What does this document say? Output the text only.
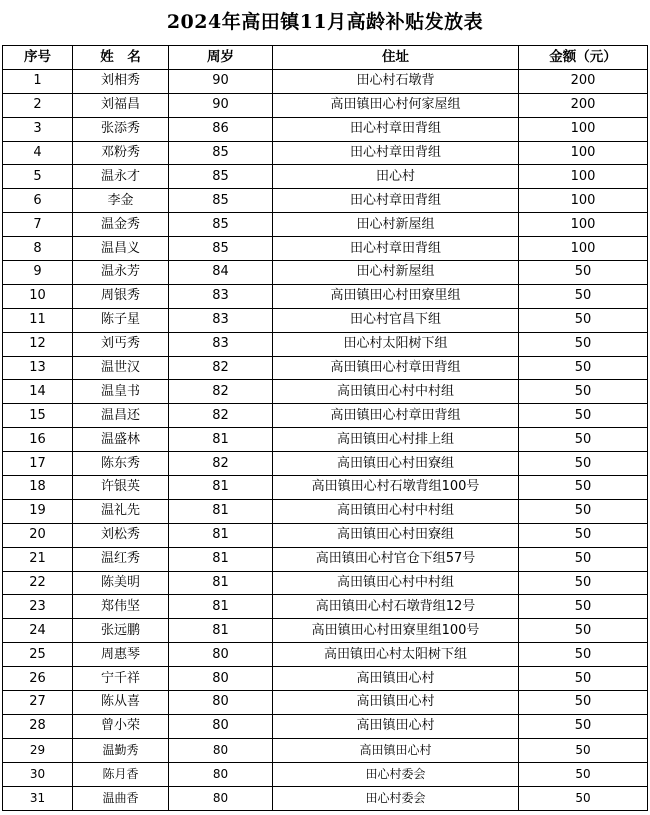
2024年高田镇11月高龄补贴发放表
序号	姓　名	周岁	住址	金额（元）
1	刘相秀	90	田心村石墩背	200
2	刘福昌	90	高田镇田心村何家屋组	200
3	张添秀	86	田心村章田背组	100
4	邓粉秀	85	田心村章田背组	100
5	温永才	85	田心村	100
6	李金	85	田心村章田背组	100
7	温金秀	85	田心村新屋组	100
8	温昌义	85	田心村章田背组	100
9	温永芳	84	田心村新屋组	50
10	周银秀	83	高田镇田心村田寮里组	50
11	陈子星	83	田心村官昌下组	50
12	刘丐秀	83	田心村太阳树下组	50
13	温世汉	82	高田镇田心村章田背组	50
14	温皇书	82	高田镇田心村中村组	50
15	温昌还	82	高田镇田心村章田背组	50
16	温盛林	81	高田镇田心村排上组	50
17	陈东秀	82	高田镇田心村田寮组	50
18	许银英	81	高田镇田心村石墩背组100号	50
19	温礼先	81	高田镇田心村中村组	50
20	刘松秀	81	高田镇田心村田寮组	50
21	温红秀	81	高田镇田心村官仓下组57号	50
22	陈美明	81	高田镇田心村中村组	50
23	郑伟坚	81	高田镇田心村石墩背组12号	50
24	张远鹏	81	高田镇田心村田寮里组100号	50
25	周惠琴	80	高田镇田心村太阳树下组	50
26	宁千祥	80	高田镇田心村	50
27	陈从喜	80	高田镇田心村	50
28	曾小荣	80	高田镇田心村	50
29	温勤秀	80	高田镇田心村	50
30	陈月香	80	田心村委会	50
31	温曲香	80	田心村委会	50
